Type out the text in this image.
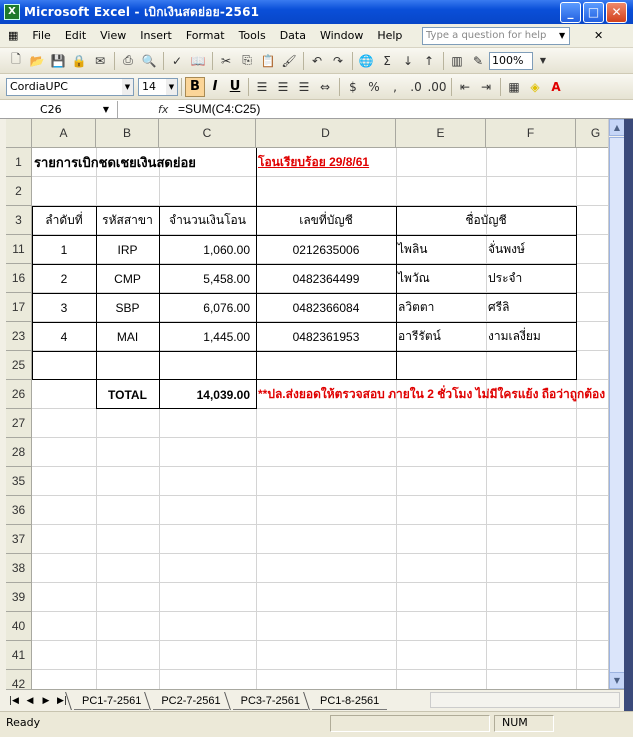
X Microsoft Excel - เบิกเงินสดย่อย-2561	_	□	✕
▦	File	Edit	View	Insert	Format	Tools	Data	Window	Help	Type a question for help	▼	✕
🗋 📂 💾 🔒 ✉	⎙ 🔍	✓ 📖	✂ ⎘ 📋 🖌	↶ ↷	🌐 Σ	↓ ↑	▥ ✎ 100%	▼
CordiaUPC	▼	14	▼	B I U	☰ ☰ ☰ ⇔	$ %	,	.0 .00	⇤ ⇥	▦ ◈ A
C26	▼	fx =SUM(C4:C25)
A	B	C	D	E	F	G
1
2
3
11
16
17
23
25
26
27
28
35
36
37
38
39
40
41
42
รายการเบิกชดเชยเงินสดย่อย	โอนเรียบร้อย 29/8/61
ลำดับที่	รหัสสาขา	จำนวนเงินโอน	เลขที่บัญชี	ชื่อบัญชี
1	IRP	1,060.00	0212635006	ไพลิน	จั่นพงษ์
2	CMP	5,458.00	0482364499	ไพวัณ	ประจำ
3	SBP	6,076.00	0482366084	ลวิตตา	ศรีลิ
4	MAI	1,445.00	0482361953	อารีรัตน์	งามเลงี่ยม
TOTAL	14,039.00 **ปล.ส่งยอดให้ตรวจสอบ ภายใน 2 ชั่วโมง ไม่มีใครแย้ง ถือว่าถูกต้อง
▲
▼
|◀ ◀	▶ ▶|	PC1-7-2561	PC2-7-2561	PC3-7-2561	PC1-8-2561
Ready	NUM
